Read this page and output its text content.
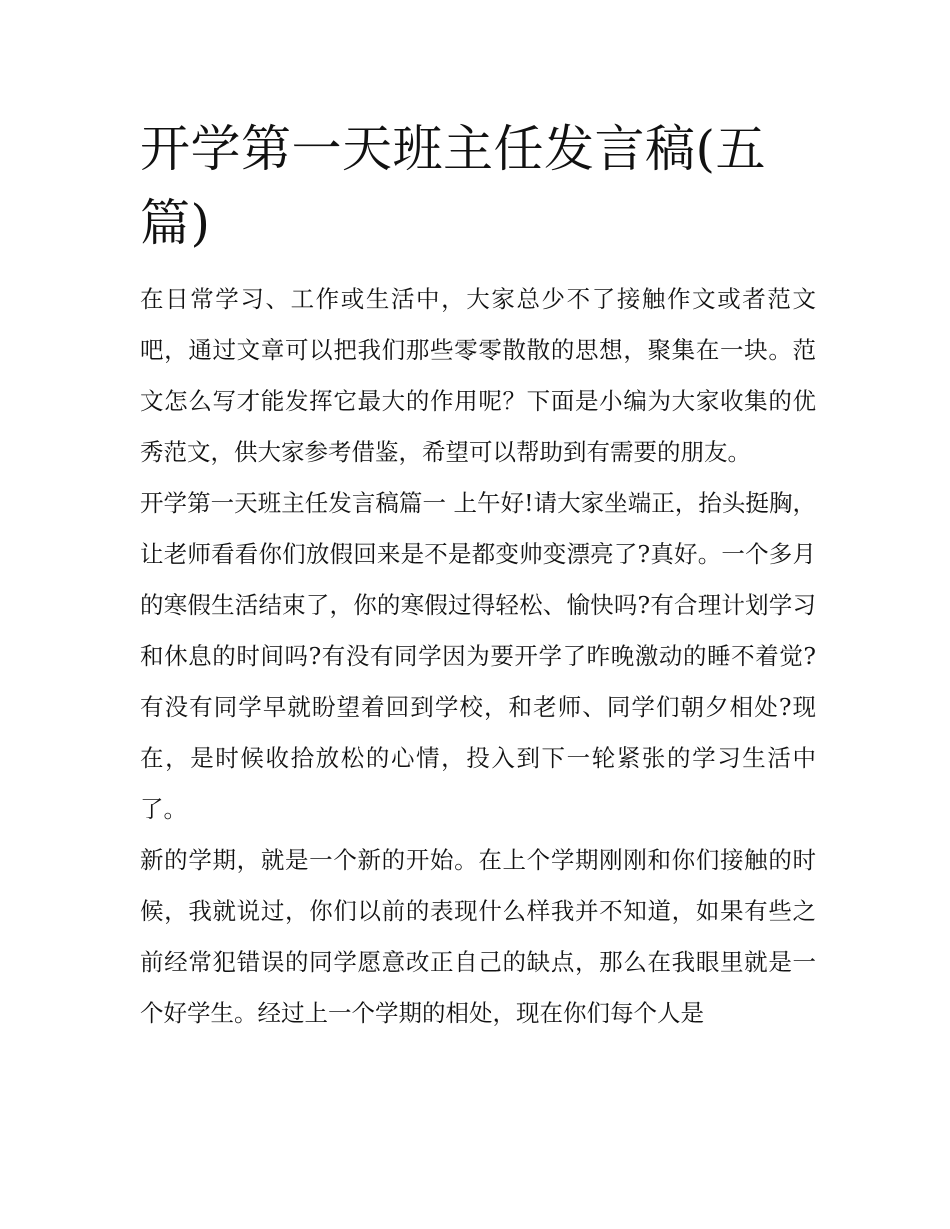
开学第一天班主任发言稿(五篇)

在日常学习、工作或生活中，大家总少不了接触作文或者范文吧，通过文章可以把我们那些零零散散的思想，聚集在一块。范文怎么写才能发挥它最大的作用呢？下面是小编为大家收集的优秀范文，供大家参考借鉴，希望可以帮助到有需要的朋友。

开学第一天班主任发言稿篇一 上午好!请大家坐端正，抬头挺胸，让老师看看你们放假回来是不是都变帅变漂亮了?真好。一个多月的寒假生活结束了，你的寒假过得轻松、愉快吗?有合理计划学习和休息的时间吗?有没有同学因为要开学了昨晚激动的睡不着觉?有没有同学早就盼望着回到学校，和老师、同学们朝夕相处?现在，是时候收拾放松的心情，投入到下一轮紧张的学习生活中了。

新的学期，就是一个新的开始。在上个学期刚刚和你们接触的时候，我就说过，你们以前的表现什么样我并不知道，如果有些之前经常犯错误的同学愿意改正自己的缺点，那么在我眼里就是一个好学生。经过上一个学期的相处，现在你们每个人是
